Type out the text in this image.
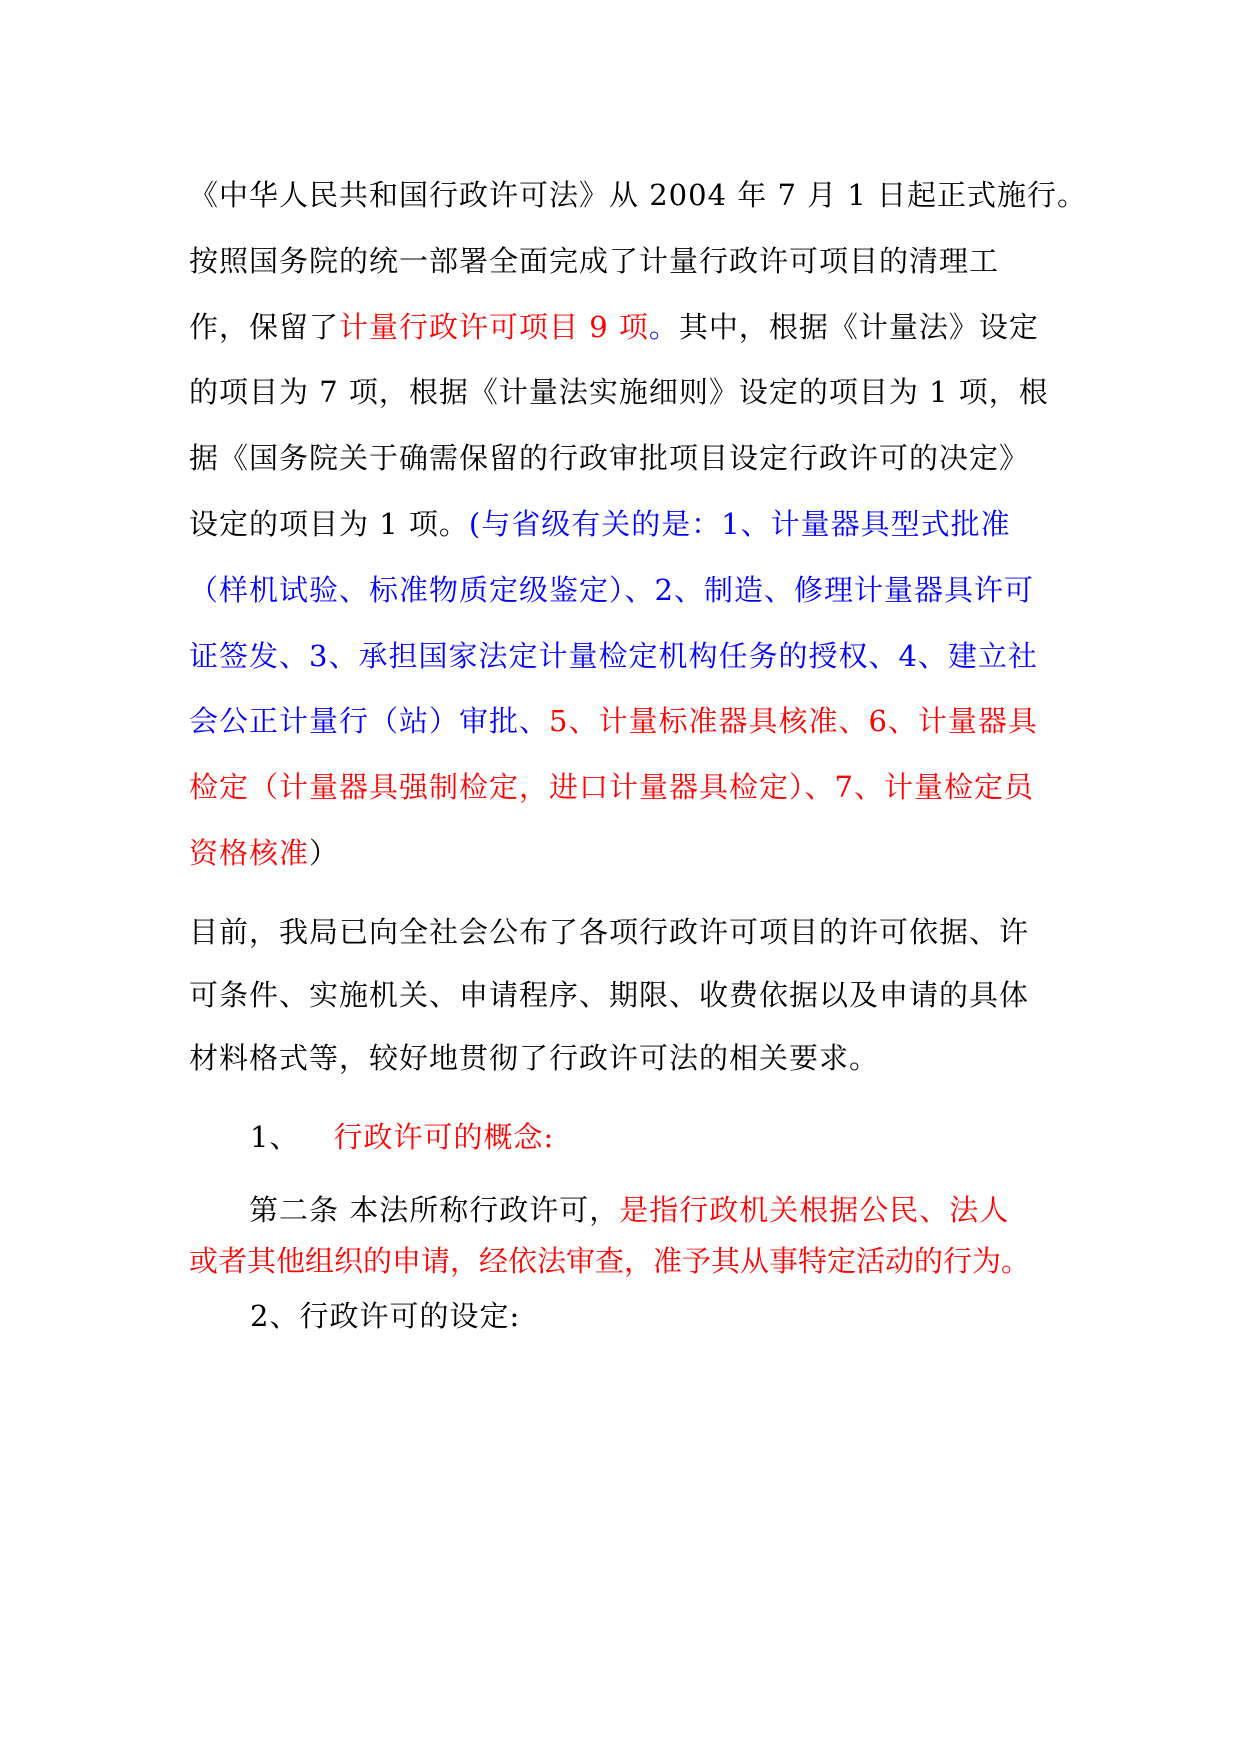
《中华人民共和国行政许可法》从 2004 年 7 月 1 日起正式施行。
按照国务院的统一部署全面完成了计量行政许可项目的清理工
作，保留了计量行政许可项目 9 项。其中，根据《计量法》设定
的项目为 7 项，根据《计量法实施细则》设定的项目为 1 项，根
据《国务院关于确需保留的行政审批项目设定行政许可的决定》
设定的项目为 1 项。(与省级有关的是：1、计量器具型式批准
（样机试验、标准物质定级鉴定）、2、制造、修理计量器具许可
证签发、3、承担国家法定计量检定机构任务的授权、4、建立社
会公正计量行（站）审批、5、计量标准器具核准、6、计量器具
检定（计量器具强制检定，进口计量器具检定）、7、计量检定员
资格核准）
目前，我局已向全社会公布了各项行政许可项目的许可依据、许
可条件、实施机关、申请程序、期限、收费依据以及申请的具体
材料格式等，较好地贯彻了行政许可法的相关要求。
1、 行政许可的概念:
第二条 本法所称行政许可，是指行政机关根据公民、法人
或者其他组织的申请，经依法审查，准予其从事特定活动的行为。
2、行政许可的设定:
